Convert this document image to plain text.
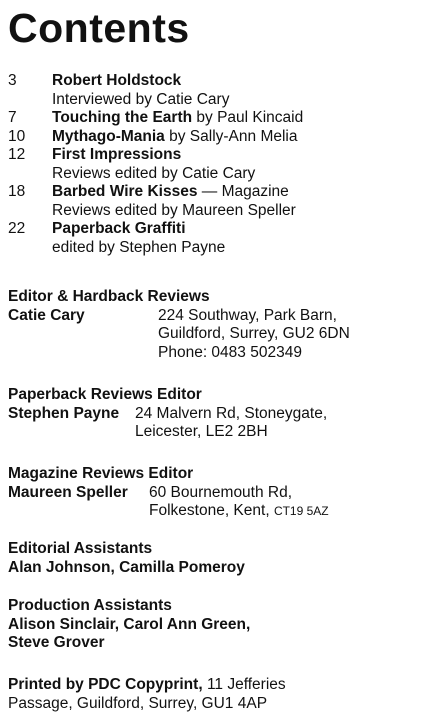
Contents
3	Robert Holdstock
Interviewed by Catie Cary
7	Touching the Earth by Paul Kincaid
10	Mythago-Mania by Sally-Ann Melia
12	First Impressions
Reviews edited by Catie Cary
18	Barbed Wire Kisses — Magazine
Reviews edited by Maureen Speller
22	Paperback Graffiti
edited by Stephen Payne
Editor & Hardback Reviews
Catie Cary	224 Southway, Park Barn,
Guildford, Surrey, GU2 6DN
Phone: 0483 502349
Paperback Reviews Editor
Stephen Payne	24 Malvern Rd, Stoneygate,
Leicester, LE2 2BH
Magazine Reviews Editor
Maureen Speller	60 Bournemouth Rd,
Folkestone, Kent, CT19 5AZ
Editorial Assistants
Alan Johnson, Camilla Pomeroy
Production Assistants
Alison Sinclair, Carol Ann Green,
Steve Grover
Printed by PDC Copyprint, 11 Jefferies
Passage, Guildford, Surrey, GU1 4AP
